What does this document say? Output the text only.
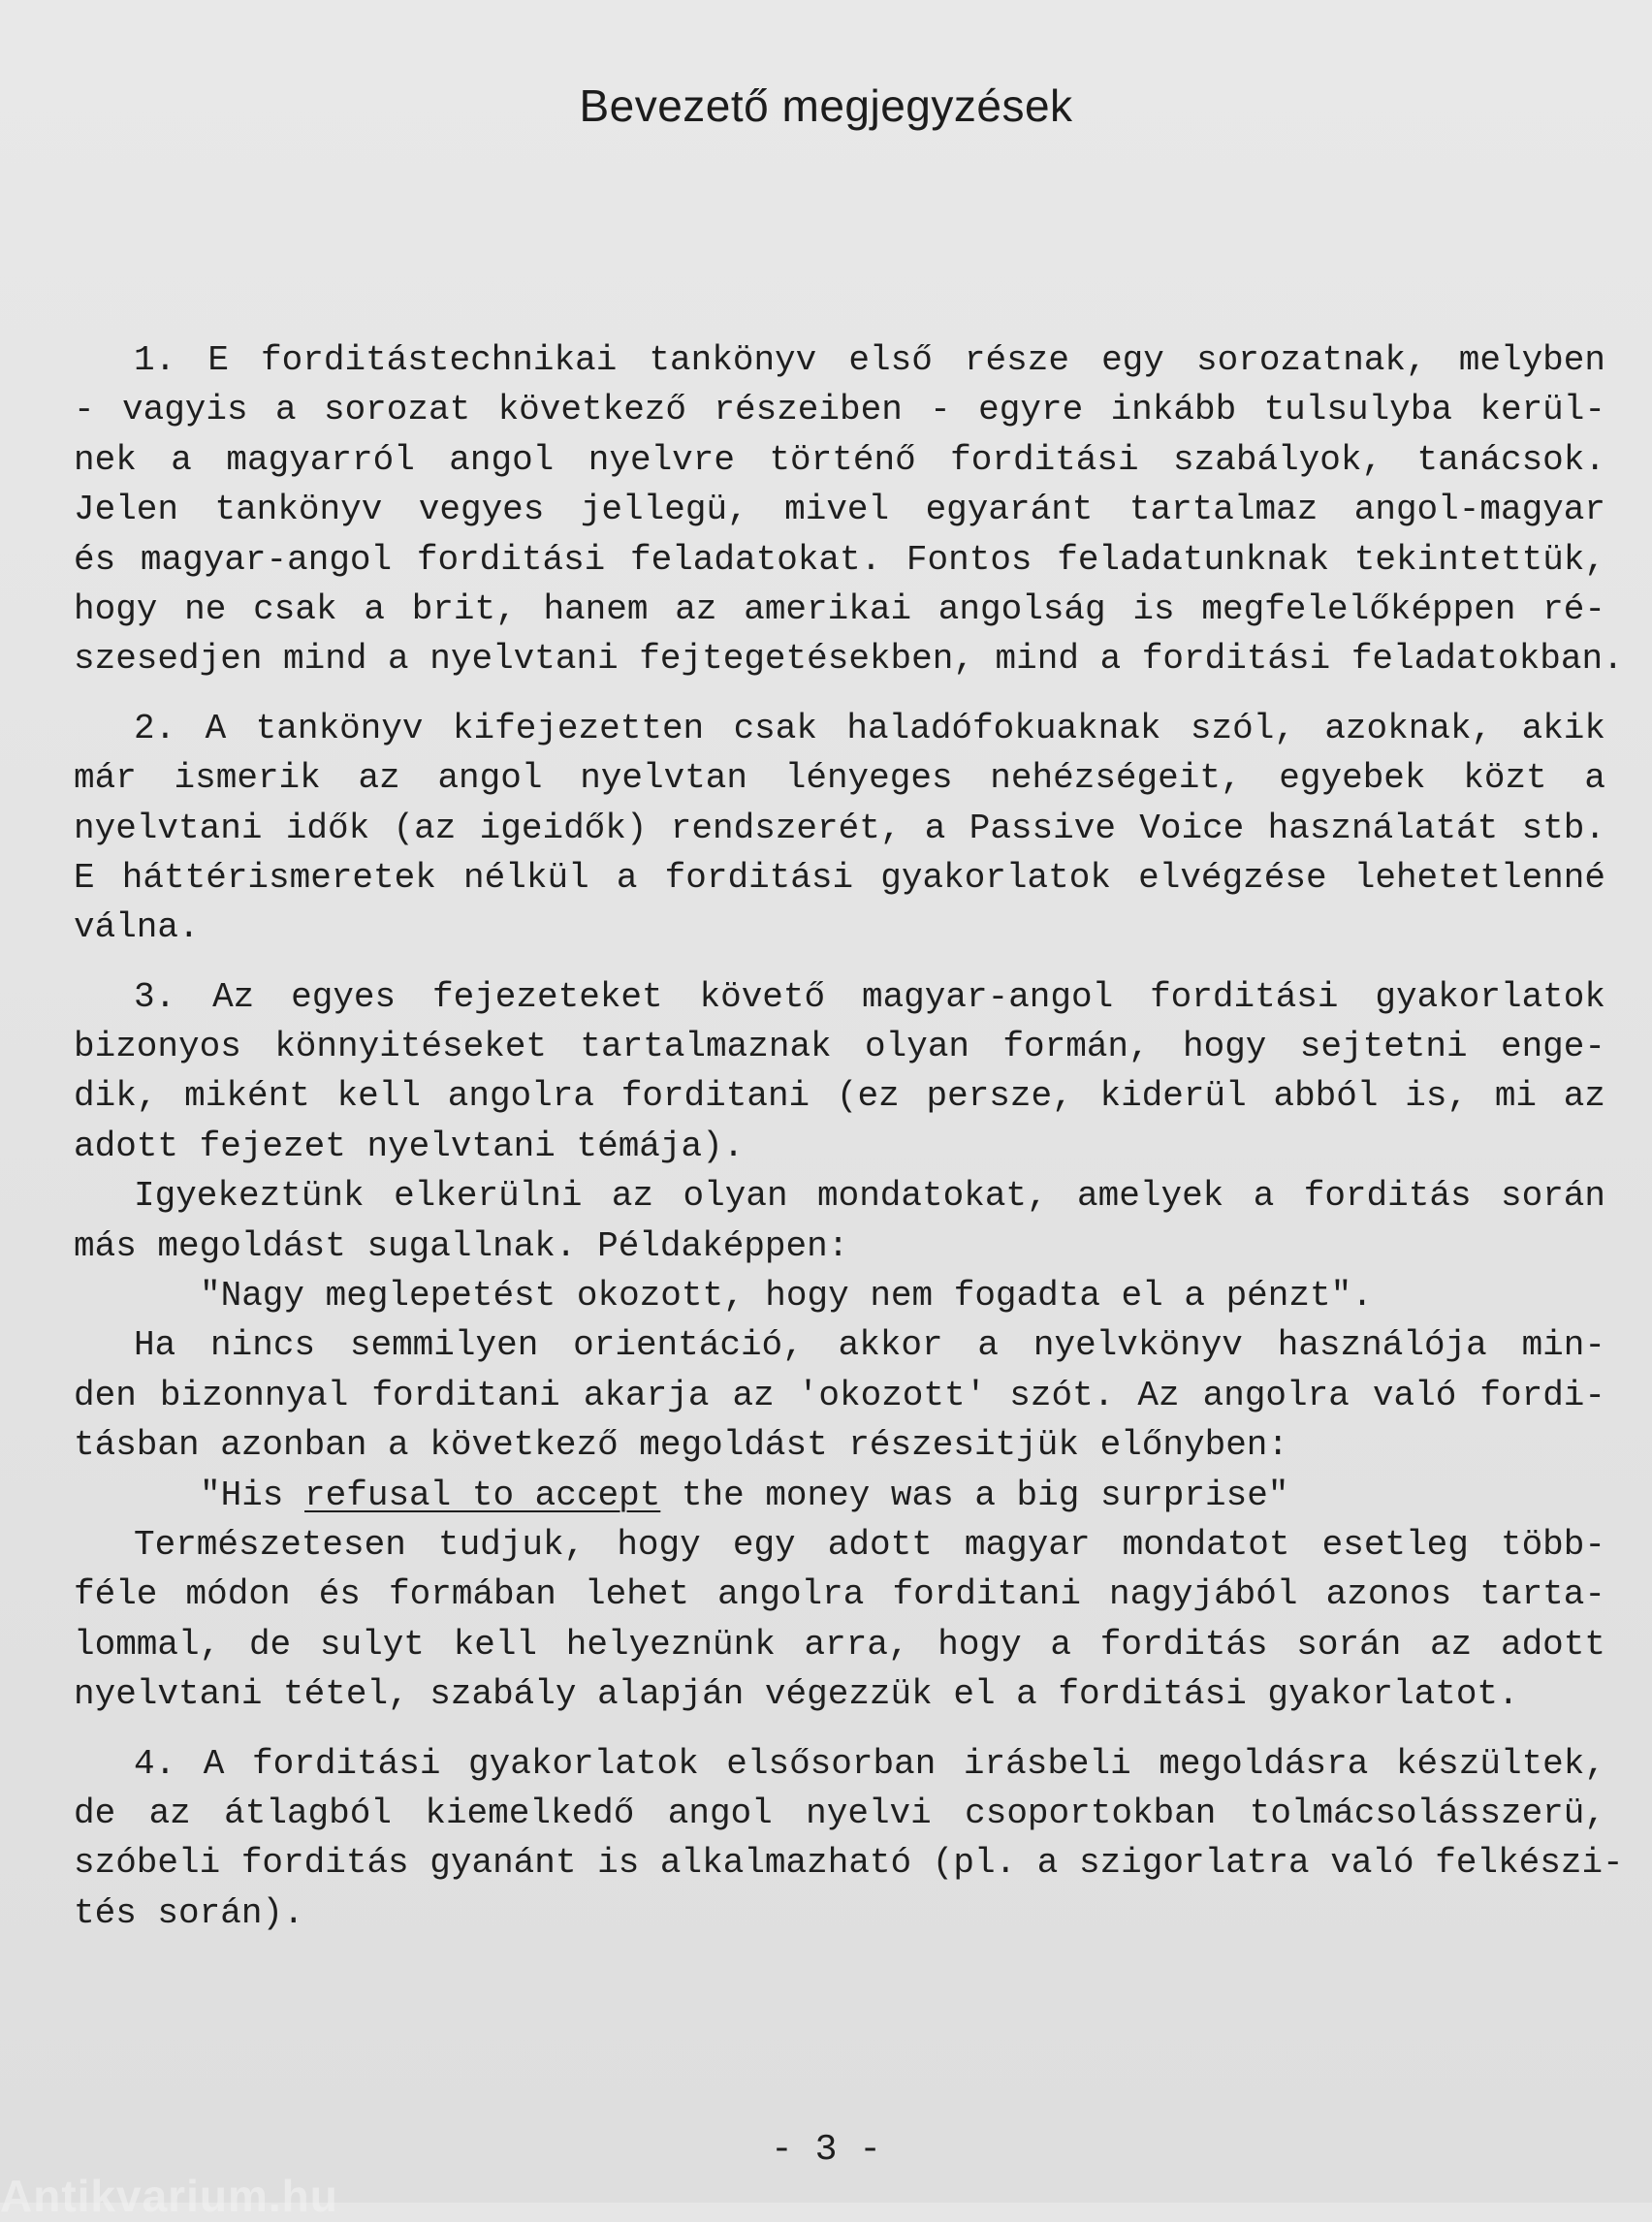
Bevezető megjegyzések
1. E forditástechnikai tankönyv első része egy sorozatnak, melyben
- vagyis a sorozat következő részeiben - egyre inkább tulsulyba kerül-
nek a magyarról angol nyelvre történő forditási szabályok, tanácsok.
Jelen tankönyv vegyes jellegü, mivel egyaránt tartalmaz angol-magyar
és magyar-angol forditási feladatokat. Fontos feladatunknak tekintettük,
hogy ne csak a brit, hanem az amerikai angolság is megfelelőképpen ré-
szesedjen mind a nyelvtani fejtegetésekben, mind a forditási feladatokban.
2. A tankönyv kifejezetten csak haladófokuaknak szól, azoknak, akik
már ismerik az angol nyelvtan lényeges nehézségeit, egyebek közt a
nyelvtani idők (az igeidők) rendszerét, a Passive Voice használatát stb.
E háttérismeretek nélkül a forditási gyakorlatok elvégzése lehetetlenné
válna.
3. Az egyes fejezeteket követő magyar-angol forditási gyakorlatok
bizonyos könnyitéseket tartalmaznak olyan formán, hogy sejtetni enge-
dik, miként kell angolra forditani (ez persze, kiderül abból is, mi az
adott fejezet nyelvtani témája).
Igyekeztünk elkerülni az olyan mondatokat, amelyek a forditás során
más megoldást sugallnak. Példaképpen:
"Nagy meglepetést okozott, hogy nem fogadta el a pénzt".
Ha nincs semmilyen orientáció, akkor a nyelvkönyv használója min-
den bizonnyal forditani akarja az 'okozott' szót. Az angolra való fordi-
tásban azonban a következő megoldást részesitjük előnyben:
"His refusal to accept the money was a big surprise"
Természetesen tudjuk, hogy egy adott magyar mondatot esetleg több-
féle módon és formában lehet angolra forditani nagyjából azonos tarta-
lommal, de sulyt kell helyeznünk arra, hogy a forditás során az adott
nyelvtani tétel, szabály alapján végezzük el a forditási gyakorlatot.
4. A forditási gyakorlatok elsősorban irásbeli megoldásra készültek,
de az átlagból kiemelkedő angol nyelvi csoportokban tolmácsolásszerü,
szóbeli forditás gyanánt is alkalmazható (pl. a szigorlatra való felkészi-
tés során).
- 3 -
Antikvarium.hu
